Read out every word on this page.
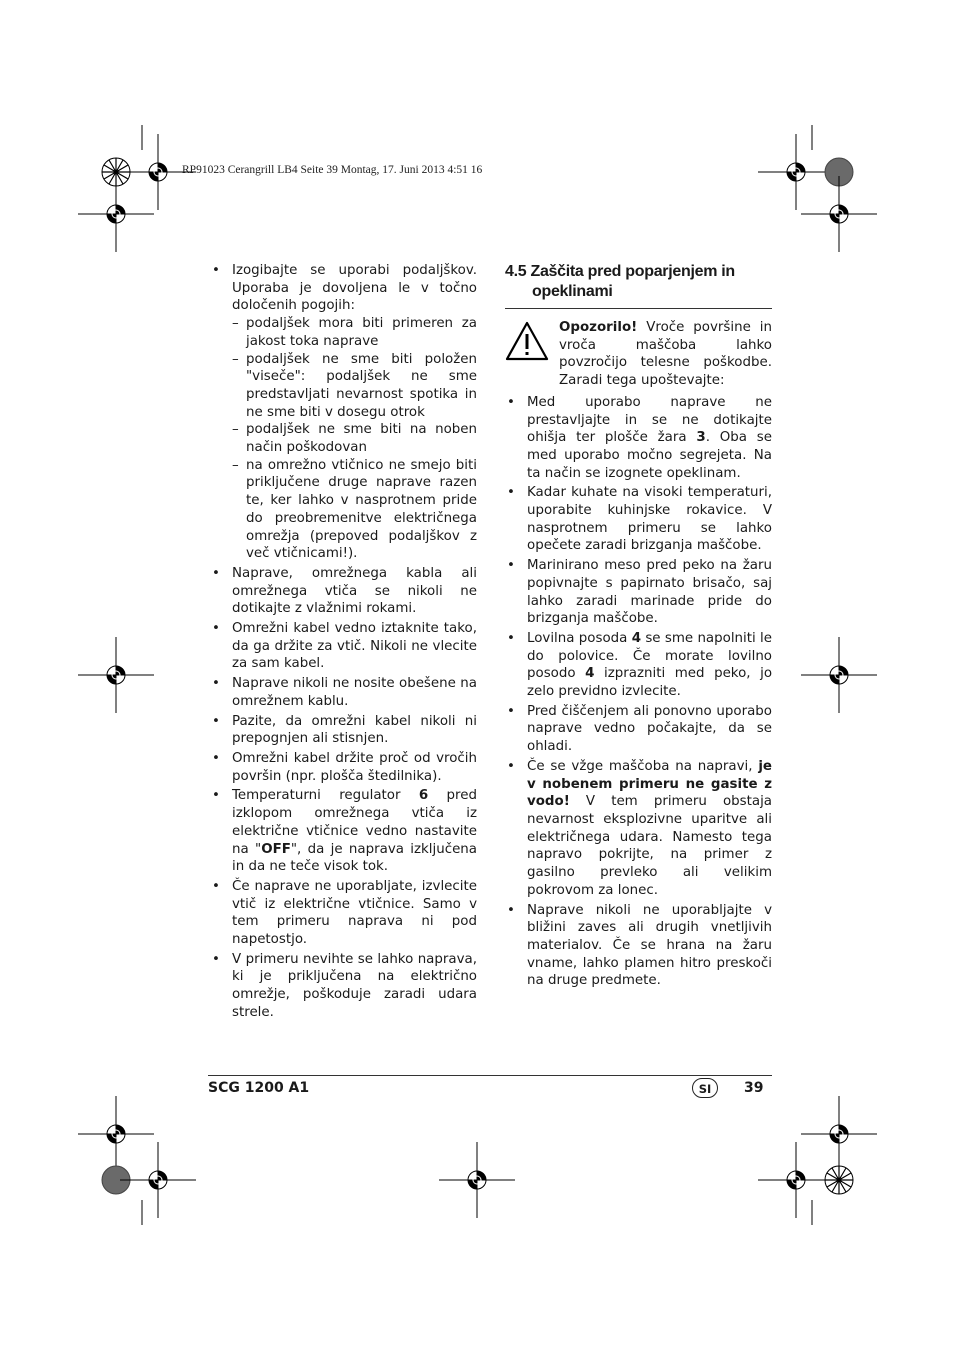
RP91023 Cerangrill LB4 Seite 39 Montag, 17. Juni 2013 4:51 16
• Izogibajte se uporabi podaljškov. Uporaba je dovoljena le v točno določenih pogojih:
– podaljšek mora biti primeren za jakost toka naprave
– podaljšek ne sme biti položen "viseče": podaljšek ne sme predstavljati nevarnost spotika in ne sme biti v dosegu otrok
– podaljšek ne sme biti na noben način poškodovan
– na omrežno vtičnico ne smejo biti priključene druge naprave razen te, ker lahko v nasprotnem pride do preobremenitve električnega omrežja (prepoved podaljškov z več vtičnicami!).
• Naprave, omrežnega kabla ali omrežnega vtiča se nikoli ne dotikajte z vlažnimi rokami.
• Omrežni kabel vedno iztaknite tako, da ga držite za vtič. Nikoli ne vlecite za sam kabel.
• Naprave nikoli ne nosite obešene na omrežnem kablu.
• Pazite, da omrežni kabel nikoli ni prepognjen ali stisnjen.
• Omrežni kabel držite proč od vročih površin (npr. plošča štedilnika).
• Temperaturni regulator 6 pred izklopom omrežnega vtiča iz električne vtičnice vedno nastavite na "OFF", da je naprava izključena in da ne teče visok tok.
• Če naprave ne uporabljate, izvlecite vtič iz električne vtičnice. Samo v tem primeru naprava ni pod napetostjo.
• V primeru nevihte se lahko naprava, ki je priključena na električno omrežje, poškoduje zaradi udara strele.
4.5 Zaščita pred poparjenjem in opeklinami
Opozorilo! Vroče površine in vroča maščoba lahko povzročijo telesne poškodbe. Zaradi tega upoštevajte:
• Med uporabo naprave ne prestavljajte in se ne dotikajte ohišja ter plošče žara 3. Oba se med uporabo močno segrejeta. Na ta način se izognete opeklinam.
• Kadar kuhate na visoki temperaturi, uporabite kuhinjske rokavice. V nasprotnem primeru se lahko opečete zaradi brizganja maščobe.
• Marinirano meso pred peko na žaru popivnajte s papirnato brisačo, saj lahko zaradi marinade pride do brizganja maščobe.
• Lovilna posoda 4 se sme napolniti le do polovice. Če morate lovilno posodo 4 izprazniti med peko, jo zelo previdno izvlecite.
• Pred čiščenjem ali ponovno uporabo naprave vedno počakajte, da se ohladi.
• Če se vžge maščoba na napravi, je v nobenem primeru ne gasite z vodo! V tem primeru obstaja nevarnost eksplozivne uparitve ali električnega udara. Namesto tega napravo pokrijte, na primer z gasilno prevleko ali velikim pokrovom za lonec.
• Naprave nikoli ne uporabljajte v bližini zaves ali drugih vnetljivih materialov. Če se hrana na žaru vname, lahko plamen hitro preskoči na druge predmete.
SCG 1200 A1	SI	39
